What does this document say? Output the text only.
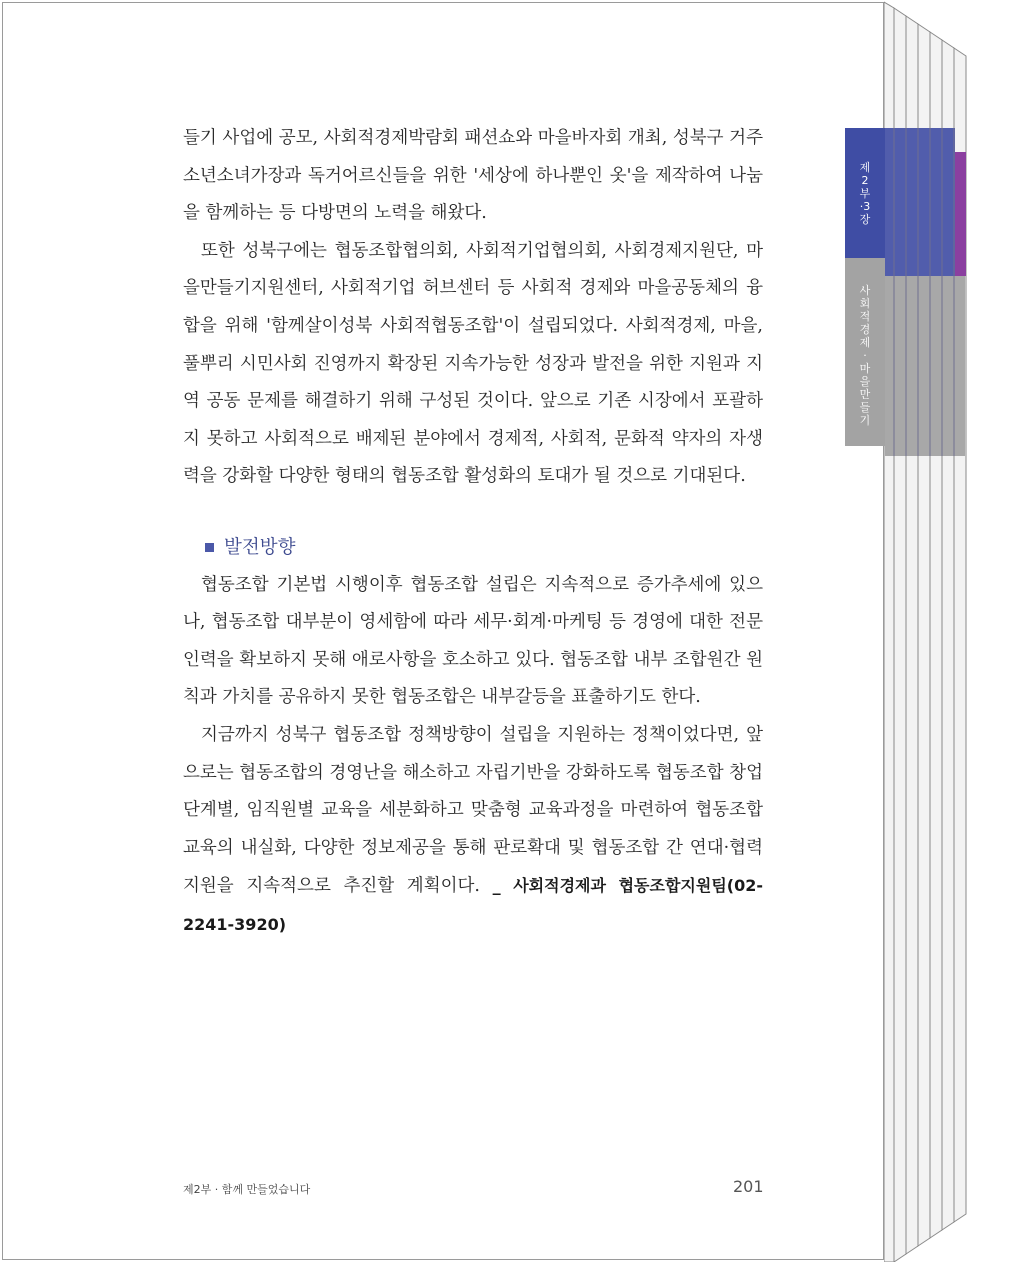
제2부·3장
사회적경제·마을만들기

들기 사업에 공모, 사회적경제박람회 패션쇼와 마을바자회 개최, 성북구 거주 소년소녀가장과 독거어르신들을 위한 '세상에 하나뿐인 옷'을 제작하여 나눔을 함께하는 등 다방면의 노력을 해왔다.

또한 성북구에는 협동조합협의회, 사회적기업협의회, 사회경제지원단, 마을만들기지원센터, 사회적기업 허브센터 등 사회적 경제와 마을공동체의 융합을 위해 '함께살이성북 사회적협동조합'이 설립되었다. 사회적경제, 마을, 풀뿌리 시민사회 진영까지 확장된 지속가능한 성장과 발전을 위한 지원과 지역 공동 문제를 해결하기 위해 구성된 것이다. 앞으로 기존 시장에서 포괄하지 못하고 사회적으로 배제된 분야에서 경제적, 사회적, 문화적 약자의 자생력을 강화할 다양한 형태의 협동조합 활성화의 토대가 될 것으로 기대된다.

발전방향

협동조합 기본법 시행이후 협동조합 설립은 지속적으로 증가추세에 있으나, 협동조합 대부분이 영세함에 따라 세무·회계·마케팅 등 경영에 대한 전문 인력을 확보하지 못해 애로사항을 호소하고 있다. 협동조합 내부 조합원간 원칙과 가치를 공유하지 못한 협동조합은 내부갈등을 표출하기도 한다.

지금까지 성북구 협동조합 정책방향이 설립을 지원하는 정책이었다면, 앞으로는 협동조합의 경영난을 해소하고 자립기반을 강화하도록 협동조합 창업단계별, 임직원별 교육을 세분화하고 맞춤형 교육과정을 마련하여 협동조합 교육의 내실화, 다양한 정보제공을 통해 판로확대 및 협동조합 간 연대·협력 지원을 지속적으로 추진할 계획이다. _ 사회적경제과 협동조합지원팀(02-2241-3920)

제2부 · 함께 만들었습니다	201
